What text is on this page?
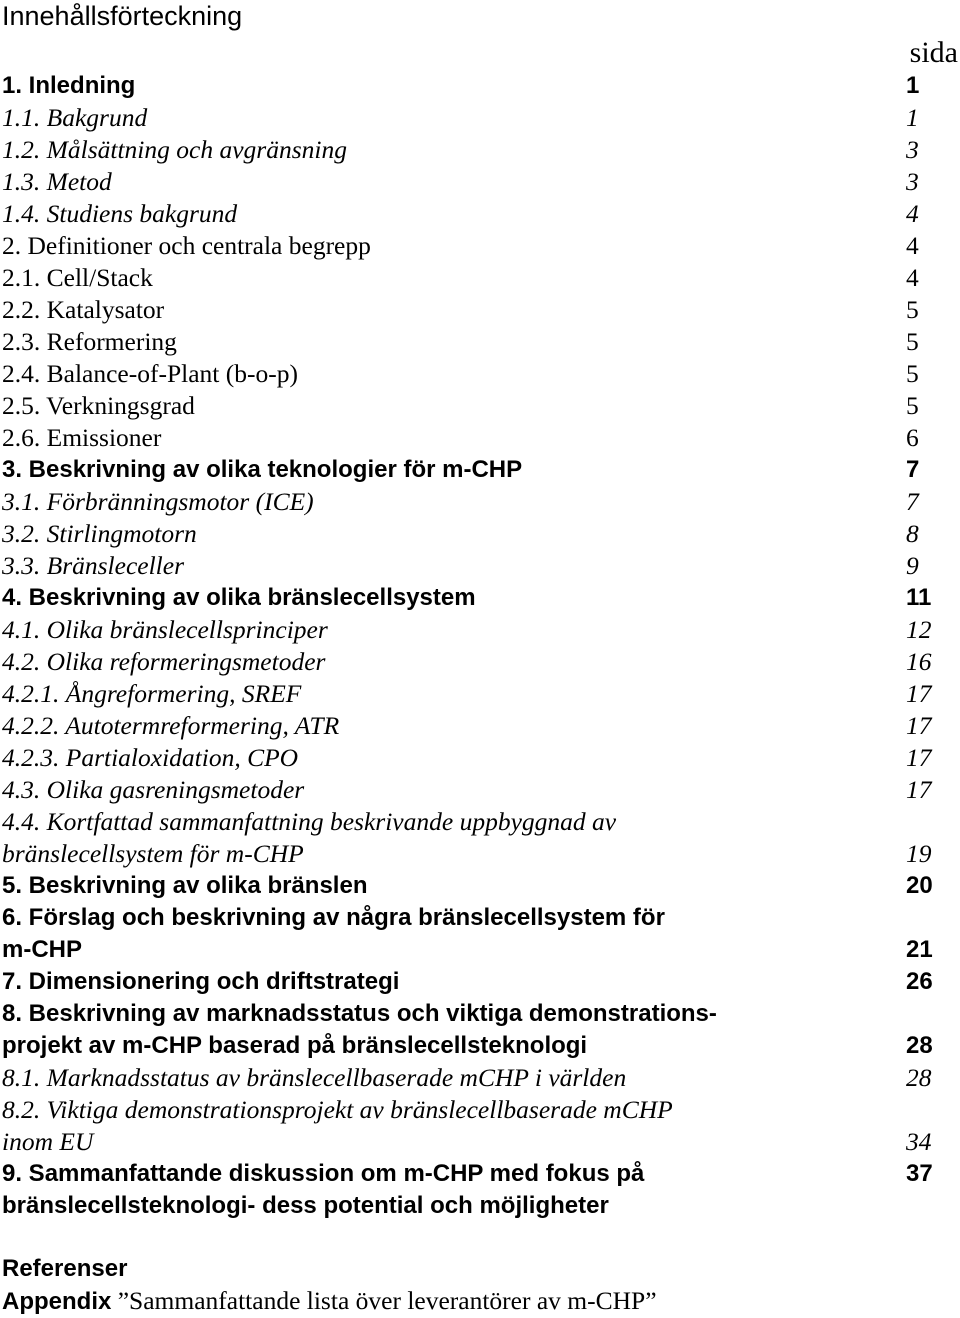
Innehållsförteckning
sida
1. Inledning	1
1.1. Bakgrund	1
1.2. Målsättning och avgränsning	3
1.3. Metod	3
1.4. Studiens bakgrund	4
2. Definitioner och centrala begrepp	4
2.1. Cell/Stack	4
2.2. Katalysator	5
2.3. Reformering	5
2.4. Balance-of-Plant (b-o-p)	5
2.5. Verkningsgrad	5
2.6. Emissioner	6
3. Beskrivning av olika teknologier för m-CHP	7
3.1. Förbränningsmotor (ICE)	7
3.2. Stirlingmotorn	8
3.3. Bränsleceller	9
4. Beskrivning av olika bränslecellsystem	11
4.1. Olika bränslecellsprinciper	12
4.2. Olika reformeringsmetoder	16
4.2.1. Ångreformering, SREF	17
4.2.2. Autotermreformering, ATR	17
4.2.3. Partialoxidation, CPO	17
4.3. Olika gasreningsmetoder	17
4.4. Kortfattad sammanfattning beskrivande uppbyggnad av
bränslecellsystem för m-CHP	19
5. Beskrivning av olika bränslen	20
6. Förslag och beskrivning av några bränslecellsystem för
m-CHP	21
7. Dimensionering och driftstrategi	26
8. Beskrivning av marknadsstatus och viktiga demonstrations-
projekt av m-CHP baserad på bränslecellsteknologi	28
8.1. Marknadsstatus av bränslecellbaserade mCHP i världen	28
8.2. Viktiga demonstrationsprojekt av bränslecellbaserade mCHP
inom EU	34
9. Sammanfattande diskussion om m-CHP med fokus på	37
bränslecellsteknologi- dess potential och möjligheter
Referenser
Appendix ”Sammanfattande lista över leverantörer av m-CHP”
